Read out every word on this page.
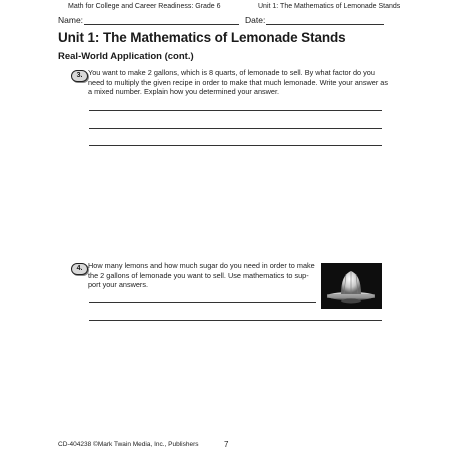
Math for College and Career Readiness: Grade 6	Unit 1: The Mathematics of Lemonade Stands
Name:	Date:
Unit 1: The Mathematics of Lemonade Stands
Real-World Application (cont.)
3. You want to make 2 gallons, which is 8 quarts, of lemonade to sell. By what factor do you
need to multiply the given recipe in order to make that much lemonade. Write your answer as
a mixed number. Explain how you determined your answer.
4. How many lemons and how much sugar do you need in order to make
the 2 gallons of lemonade you want to sell. Use mathematics to sup-
port your answers.
CD-404238 ©Mark Twain Media, Inc., Publishers	7
